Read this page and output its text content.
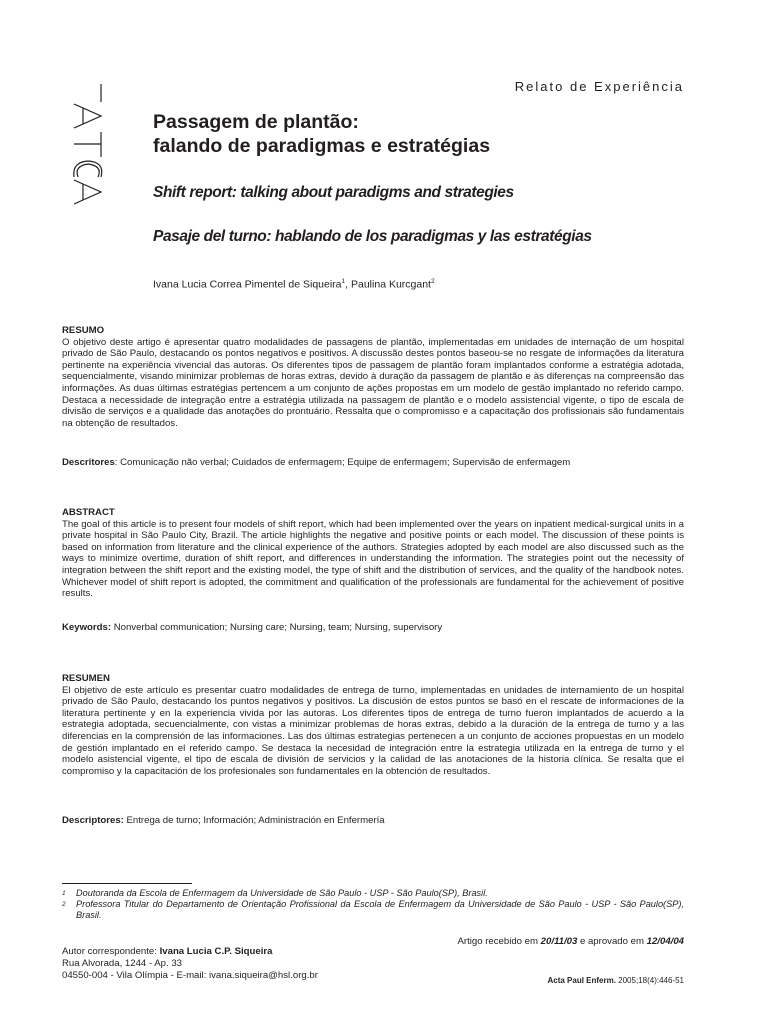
Relato de Experiência
Passagem de plantão:
falando de paradigmas e estratégias
Shift report: talking about paradigms and strategies
Pasaje del turno: hablando de los paradigmas y las estratégias
Ivana Lucia Correa Pimentel de Siqueira$^1$, Paulina Kurcgant$^2$
RESUMO

O objetivo deste artigo é apresentar quatro modalidades de passagens de plantão, implementadas em unidades de internação de um hospital privado de São Paulo, destacando os pontos negativos e positivos. A discussão destes pontos baseou-se no resgate de informações da literatura pertinente na experiência vivencial das autoras. Os diferentes tipos de passagem de plantão foram implantados conforme a estratégia adotada, sequencialmente, visando minimizar problemas de horas extras, devido à duração da passagem de plantão e às diferenças na compreensão das informações. As duas últimas estratégias pertencem a um conjunto de ações propostas em um modelo de gestão implantado no referido campo. Destaca a necessidade de integração entre a estratégia utilizada na passagem de plantão e o modelo assistencial vigente, o tipo de escala de divisão de serviços e a qualidade das anotações do prontuário. Ressalta que o compromisso e a capacitação dos profissionais são fundamentais na obtenção de resultados.

Descritores: Comunicação não verbal; Cuidados de enfermagem; Equipe de enfermagem; Supervisão de enfermagem
ABSTRACT

The goal of this article is to present four models of shift report, which had been implemented over the years on inpatient medical-surgical units in a private hospital in São Paulo City, Brazil. The article highlights the negative and positive points or each model. The discussion of these points is based on information from literature and the clinical experience of the authors. Strategies adopted by each model are also discussed such as the ways to minimize overtime, duration of shift report, and differences in understanding the information. The strategies point out the necessity of integration between the shift report and the existing model, the type of shift and the distribution of services, and the quality of the handbook notes. Whichever model of shift report is adopted, the commitment and qualification of the professionals are fundamental for the achievement of positive results.

Keywords: Nonverbal communication; Nursing care; Nursing, team; Nursing, supervisory
RESUMEN

El objetivo de este artículo es presentar cuatro modalidades de entrega de turno, implementadas en unidades de internamiento de un hospital privado de São Paulo, destacando los puntos negativos y positivos. La discusión de estos puntos se basó en el rescate de informaciones de la literatura pertinente y en la experiencia vivida por las autoras. Los diferentes tipos de entrega de turno fueron implantados de acuerdo a la estrategia adoptada, secuencialmente, con vistas a minimizar problemas de horas extras, debido a la duración de la entrega de turno y a las diferencias en la comprensión de las informaciones. Las dos últimas estrategias pertenecen a un conjunto de acciones propuestas en un modelo de gestión implantado en el referido campo. Se destaca la necesidad de integración entre la estrategia utilizada en la entrega de turno y el modelo asistencial vigente, el tipo de escala de división de servicios y la calidad de las anotaciones de la historia clínica. Se resalta que el compromiso y la capacitación de los profesionales son fundamentales en la obtención de resultados.

Descriptores: Entrega de turno; Información; Administración en Enfermería
1	Doutoranda da Escola de Enfermagem da Universidade de São Paulo - USP - São Paulo(SP), Brasil.
2	Professora Titular do Departamento de Orientação Profissional da Escola de Enfermagem da Universidade de São Paulo - USP - São Paulo(SP), Brasil.
Artigo recebido em 20/11/03 e aprovado em 12/04/04
Autor correspondente: Ivana Lucia C.P. Siqueira
Rua Alvorada, 1244 - Ap. 33
04550-004 - Vila Olímpia - E-mail: ivana.siqueira@hsl.org.br	Acta Paul Enferm. 2005;18(4):446-51
